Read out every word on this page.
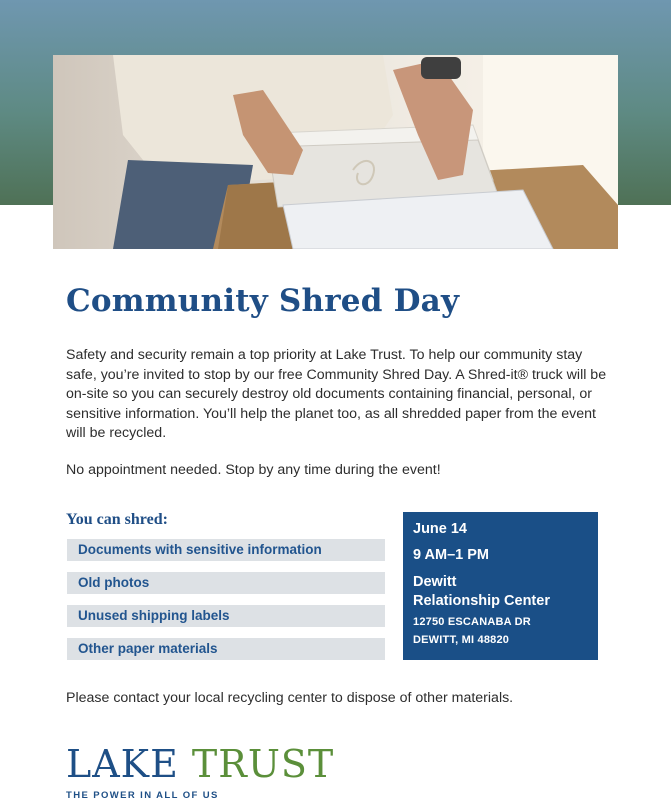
Community Shred Day

Safety and security remain a top priority at Lake Trust. To help our community stay safe, you’re invited to stop by our free Community Shred Day. A Shred-it® truck will be on-site so you can securely destroy old documents containing financial, personal, or sensitive information. You’ll help the planet too, as all shredded paper from the event will be recycled.

No appointment needed. Stop by any time during the event!

You can shred:
Documents with sensitive information
Old photos
Unused shipping labels
Other paper materials
June 14
9 AM–1 PM
Dewitt
Relationship Center
12750 ESCANABA DR
DEWITT, MI 48820

Please contact your local recycling center to dispose of other materials.

LAKE TRUST
THE POWER IN ALL OF US
